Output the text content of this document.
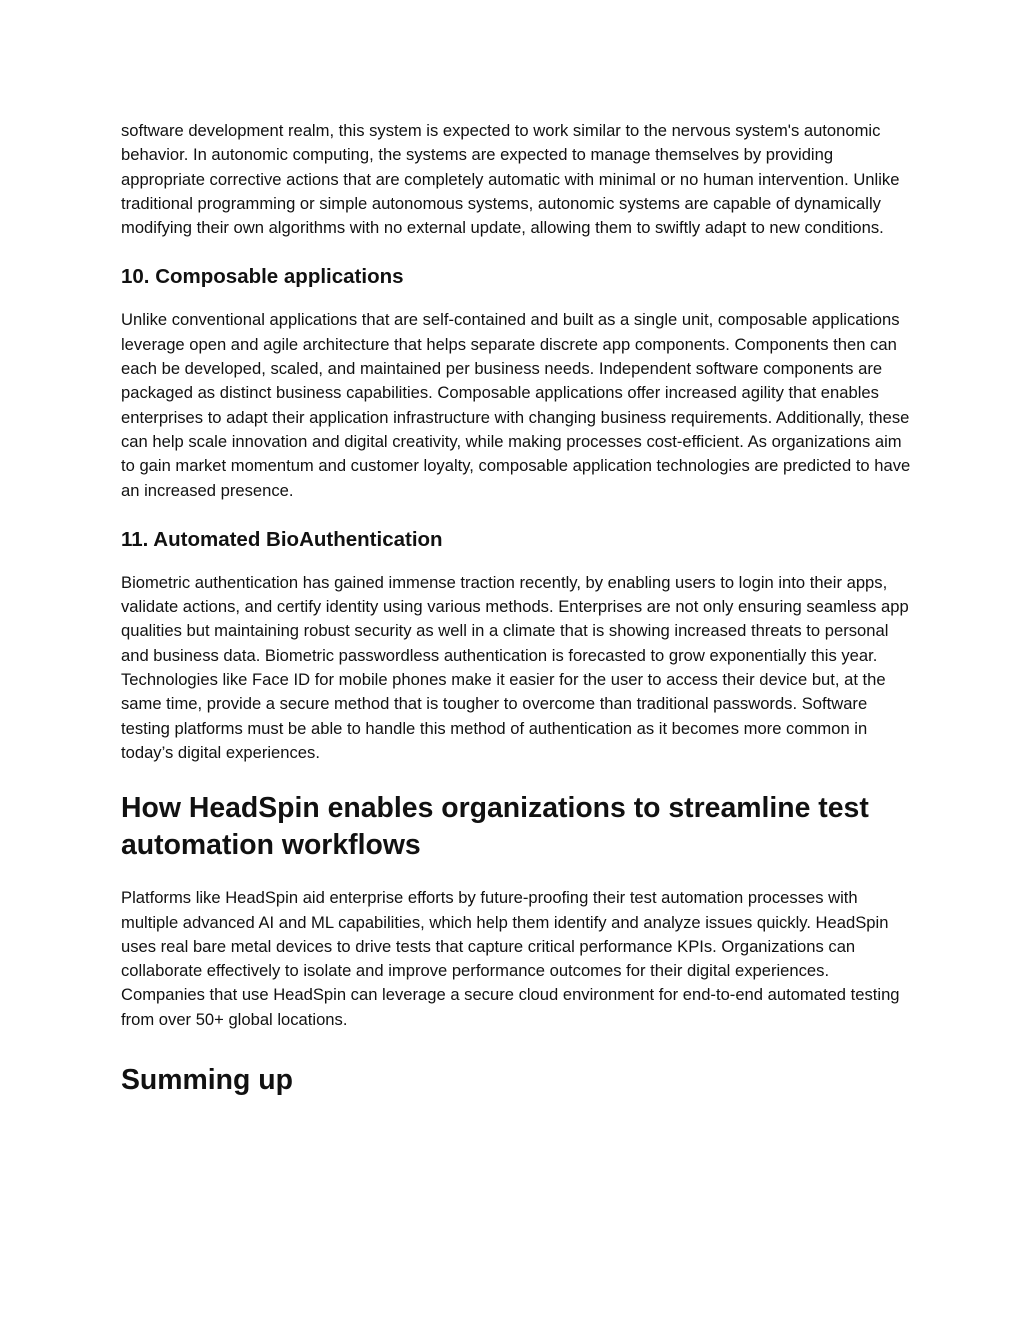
software development realm, this system is expected to work similar to the nervous system's autonomic behavior. In autonomic computing, the systems are expected to manage themselves by providing appropriate corrective actions that are completely automatic with minimal or no human intervention. Unlike traditional programming or simple autonomous systems, autonomic systems are capable of dynamically modifying their own algorithms with no external update, allowing them to swiftly adapt to new conditions.

10. Composable applications

Unlike conventional applications that are self-contained and built as a single unit, composable applications leverage open and agile architecture that helps separate discrete app components. Components then can each be developed, scaled, and maintained per business needs. Independent software components are packaged as distinct business capabilities. Composable applications offer increased agility that enables enterprises to adapt their application infrastructure with changing business requirements. Additionally, these can help scale innovation and digital creativity, while making processes cost-efficient. As organizations aim to gain market momentum and customer loyalty, composable application technologies are predicted to have an increased presence.

11. Automated BioAuthentication

Biometric authentication has gained immense traction recently, by enabling users to login into their apps, validate actions, and certify identity using various methods. Enterprises are not only ensuring seamless app qualities but maintaining robust security as well in a climate that is showing increased threats to personal and business data. Biometric passwordless authentication is forecasted to grow exponentially this year. Technologies like Face ID for mobile phones make it easier for the user to access their device but, at the same time, provide a secure method that is tougher to overcome than traditional passwords. Software testing platforms must be able to handle this method of authentication as it becomes more common in today’s digital experiences.

How HeadSpin enables organizations to streamline test automation workflows

Platforms like HeadSpin aid enterprise efforts by future-proofing their test automation processes with multiple advanced AI and ML capabilities, which help them identify and analyze issues quickly. HeadSpin uses real bare metal devices to drive tests that capture critical performance KPIs. Organizations can collaborate effectively to isolate and improve performance outcomes for their digital experiences. Companies that use HeadSpin can leverage a secure cloud environment for end-to-end automated testing from over 50+ global locations.

Summing up
